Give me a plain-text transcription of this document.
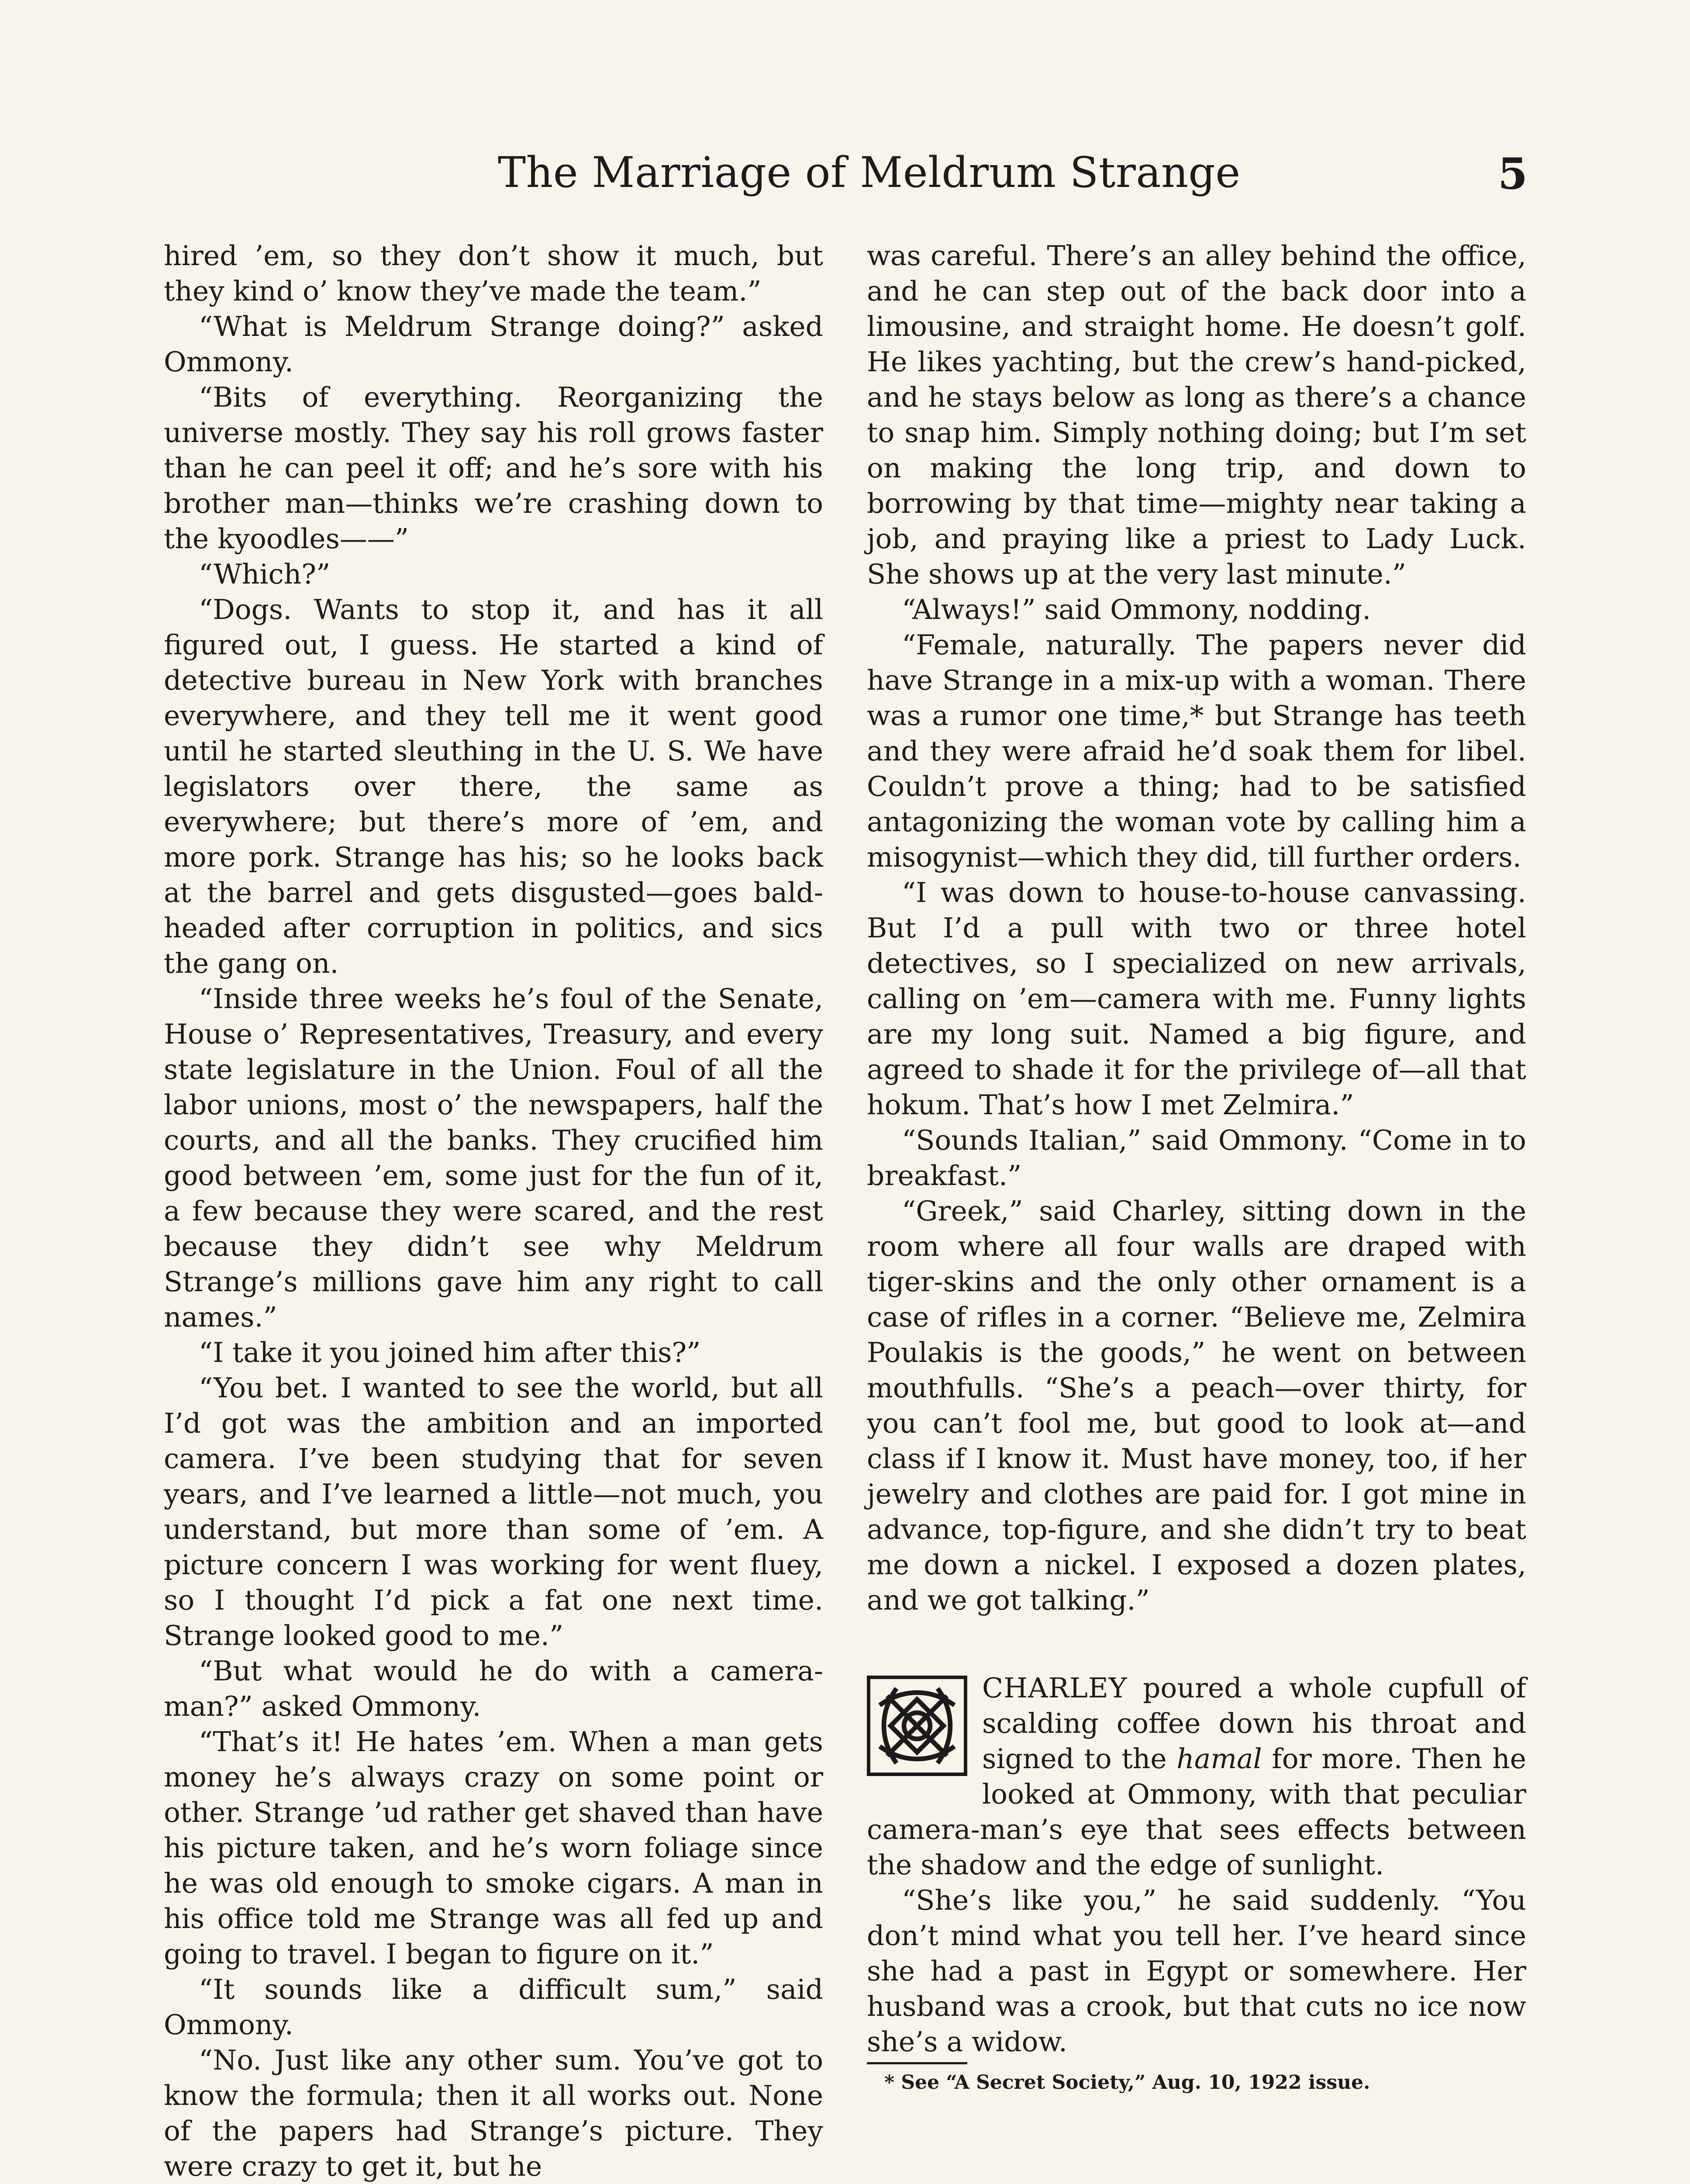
The Marriage of Meldrum Strange	5

hired ’em, so they don’t show it much, but they kind o’ know they’ve made the team.”

“What is Meldrum Strange doing?” asked Ommony.

“Bits of everything. Reorganizing the universe mostly. They say his roll grows faster than he can peel it off; and he’s sore with his brother man—thinks we’re crashing down to the kyoodles——”

“Which?”

“Dogs. Wants to stop it, and has it all figured out, I guess. He started a kind of detective bureau in New York with branches everywhere, and they tell me it went good until he started sleuthing in the U. S. We have legislators over there, the same as everywhere; but there’s more of ’em, and more pork. Strange has his; so he looks back at the barrel and gets disgusted—goes bald-headed after corruption in politics, and sics the gang on.

“Inside three weeks he’s foul of the Senate, House o’ Representatives, Treasury, and every state legislature in the Union. Foul of all the labor unions, most o’ the newspapers, half the courts, and all the banks. They crucified him good between ’em, some just for the fun of it, a few because they were scared, and the rest because they didn’t see why Meldrum Strange’s millions gave him any right to call names.”

“I take it you joined him after this?”

“You bet. I wanted to see the world, but all I’d got was the ambition and an imported camera. I’ve been studying that for seven years, and I’ve learned a little—not much, you understand, but more than some of ’em. A picture concern I was working for went fluey, so I thought I’d pick a fat one next time. Strange looked good to me.”

“But what would he do with a camera-man?” asked Ommony.

“That’s it! He hates ’em. When a man gets money he’s always crazy on some point or other. Strange ’ud rather get shaved than have his picture taken, and he’s worn foliage since he was old enough to smoke cigars. A man in his office told me Strange was all fed up and going to travel. I began to figure on it.”

“It sounds like a difficult sum,” said Ommony.

“No. Just like any other sum. You’ve got to know the formula; then it all works out. None of the papers had Strange’s picture. They were crazy to get it, but he

was careful. There’s an alley behind the office, and he can step out of the back door into a limousine, and straight home. He doesn’t golf. He likes yachting, but the crew’s hand-picked, and he stays below as long as there’s a chance to snap him. Simply nothing doing; but I’m set on making the long trip, and down to borrowing by that time—mighty near taking a job, and praying like a priest to Lady Luck. She shows up at the very last minute.”

“Always!” said Ommony, nodding.

“Female, naturally. The papers never did have Strange in a mix-up with a woman. There was a rumor one time,* but Strange has teeth and they were afraid he’d soak them for libel. Couldn’t prove a thing; had to be satisfied antagonizing the woman vote by calling him a misogynist—which they did, till further orders.

“I was down to house-to-house canvassing. But I’d a pull with two or three hotel detectives, so I specialized on new arrivals, calling on ’em—camera with me. Funny lights are my long suit. Named a big figure, and agreed to shade it for the privilege of—all that hokum. That’s how I met Zelmira.”

“Sounds Italian,” said Ommony. “Come in to breakfast.”

“Greek,” said Charley, sitting down in the room where all four walls are draped with tiger-skins and the only other ornament is a case of rifles in a corner. “Believe me, Zelmira Poulakis is the goods,” he went on between mouthfulls. “She’s a peach—over thirty, for you can’t fool me, but good to look at—and class if I know it. Must have money, too, if her jewelry and clothes are paid for. I got mine in advance, top-figure, and she didn’t try to beat me down a nickel. I exposed a dozen plates, and we got talking.”

CHARLEY poured a whole cupfull of scalding coffee down his throat and signed to the hamal for more. Then he looked at Ommony, with that peculiar camera-man’s eye that sees effects between the shadow and the edge of sunlight.

“She’s like you,” he said suddenly. “You don’t mind what you tell her. I’ve heard since she had a past in Egypt or somewhere. Her husband was a crook, but that cuts no ice now she’s a widow.

* See “A Secret Society,” Aug. 10, 1922 issue.
